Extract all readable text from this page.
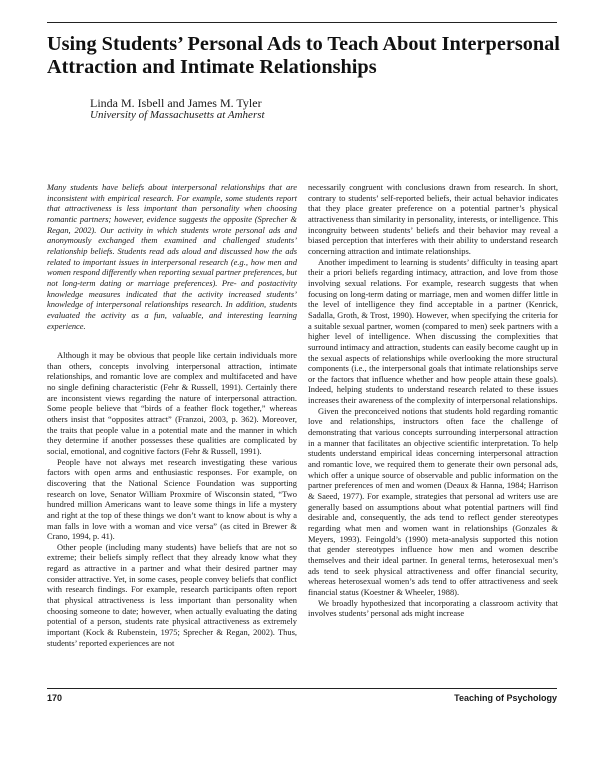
Using Students’ Personal Ads to Teach About Interpersonal Attraction and Intimate Relationships
Linda M. Isbell and James M. Tyler
University of Massachusetts at Amherst

Many students have beliefs about interpersonal relationships that are inconsistent with empirical research. For example, some students report that attractiveness is less important than personality when choosing romantic partners; however, evidence suggests the opposite (Sprecher & Regan, 2002). Our activity in which students wrote personal ads and anonymously exchanged them examined and challenged students’ relationship beliefs. Students read ads aloud and discussed how the ads related to important issues in interpersonal research (e.g., how men and women respond differently when reporting sexual partner preferences, but not long-term dating or marriage preferences). Pre- and postactivity knowledge measures indicated that the activity increased students’ knowledge of interpersonal relationships research. In addition, students evaluated the activity as a fun, valuable, and interesting learning experience.

Although it may be obvious that people like certain individuals more than others, concepts involving interpersonal attraction, intimate relationships, and romantic love are complex and multifaceted and have no single defining characteristic (Fehr & Russell, 1991). Certainly there are inconsistent views regarding the nature of interpersonal attraction. Some people believe that “birds of a feather flock together,” whereas others insist that “opposites attract” (Franzoi, 2003, p. 362). Moreover, the traits that people value in a potential mate and the manner in which they determine if another possesses these qualities are complicated by social, emotional, and cognitive factors (Fehr & Russell, 1991).

People have not always met research investigating these various factors with open arms and enthusiastic responses. For example, on discovering that the National Science Foundation was supporting research on love, Senator William Proxmire of Wisconsin stated, “Two hundred million Americans want to leave some things in life a mystery and right at the top of these things we don’t want to know about is why a man falls in love with a woman and vice versa” (as cited in Brewer & Crano, 1994, p. 41).

Other people (including many students) have beliefs that are not so extreme; their beliefs simply reflect that they already know what they regard as attractive in a partner and what their desired partner may consider attractive. Yet, in some cases, people convey beliefs that conflict with research findings. For example, research participants often report that physical attractiveness is less important than personality when choosing someone to date; however, when actually evaluating the dating potential of a person, students rate physical attractiveness as extremely important (Kock & Rubenstein, 1975; Sprecher & Regan, 2002). Thus, students’ reported experiences are not

necessarily congruent with conclusions drawn from research. In short, contrary to students’ self-reported beliefs, their actual behavior indicates that they place greater preference on a potential partner’s physical attractiveness than similarity in personality, interests, or intelligence. This incongruity between students’ beliefs and their behavior may reveal a biased perception that interferes with their ability to understand research concerning attraction and intimate relationships.

Another impediment to learning is students’ difficulty in teasing apart their a priori beliefs regarding intimacy, attraction, and love from those involving sexual relations. For example, research suggests that when focusing on long-term dating or marriage, men and women differ little in the level of intelligence they find acceptable in a partner (Kenrick, Sadalla, Groth, & Trost, 1990). However, when specifying the criteria for a suitable sexual partner, women (compared to men) seek partners with a higher level of intelligence. When discussing the complexities that surround intimacy and attraction, students can easily become caught up in the sexual aspects of relationships while overlooking the more structural components (i.e., the interpersonal goals that intimate relationships serve or the factors that influence whether and how people attain these goals). Indeed, helping students to understand research related to these issues increases their awareness of the complexity of interpersonal relationships.

Given the preconceived notions that students hold regarding romantic love and relationships, instructors often face the challenge of demonstrating that various concepts surrounding interpersonal attraction in a manner that facilitates an objective scientific interpretation. To help students understand empirical ideas concerning interpersonal attraction and romantic love, we required them to generate their own personal ads, which offer a unique source of observable and public information on the partner preferences of men and women (Deaux & Hanna, 1984; Harrison & Saeed, 1977). For example, strategies that personal ad writers use are generally based on assumptions about what potential partners will find desirable and, consequently, the ads tend to reflect gender stereotypes regarding what men and women want in relationships (Gonzales & Meyers, 1993). Feingold’s (1990) meta-analysis supported this notion that gender stereotypes influence how men and women describe themselves and their ideal partner. In general terms, heterosexual men’s ads tend to seek physical attractiveness and offer financial security, whereas heterosexual women’s ads tend to offer attractiveness and seek financial status (Koestner & Wheeler, 1988).

We broadly hypothesized that incorporating a classroom activity that involves students’ personal ads might increase

170	Teaching of Psychology
